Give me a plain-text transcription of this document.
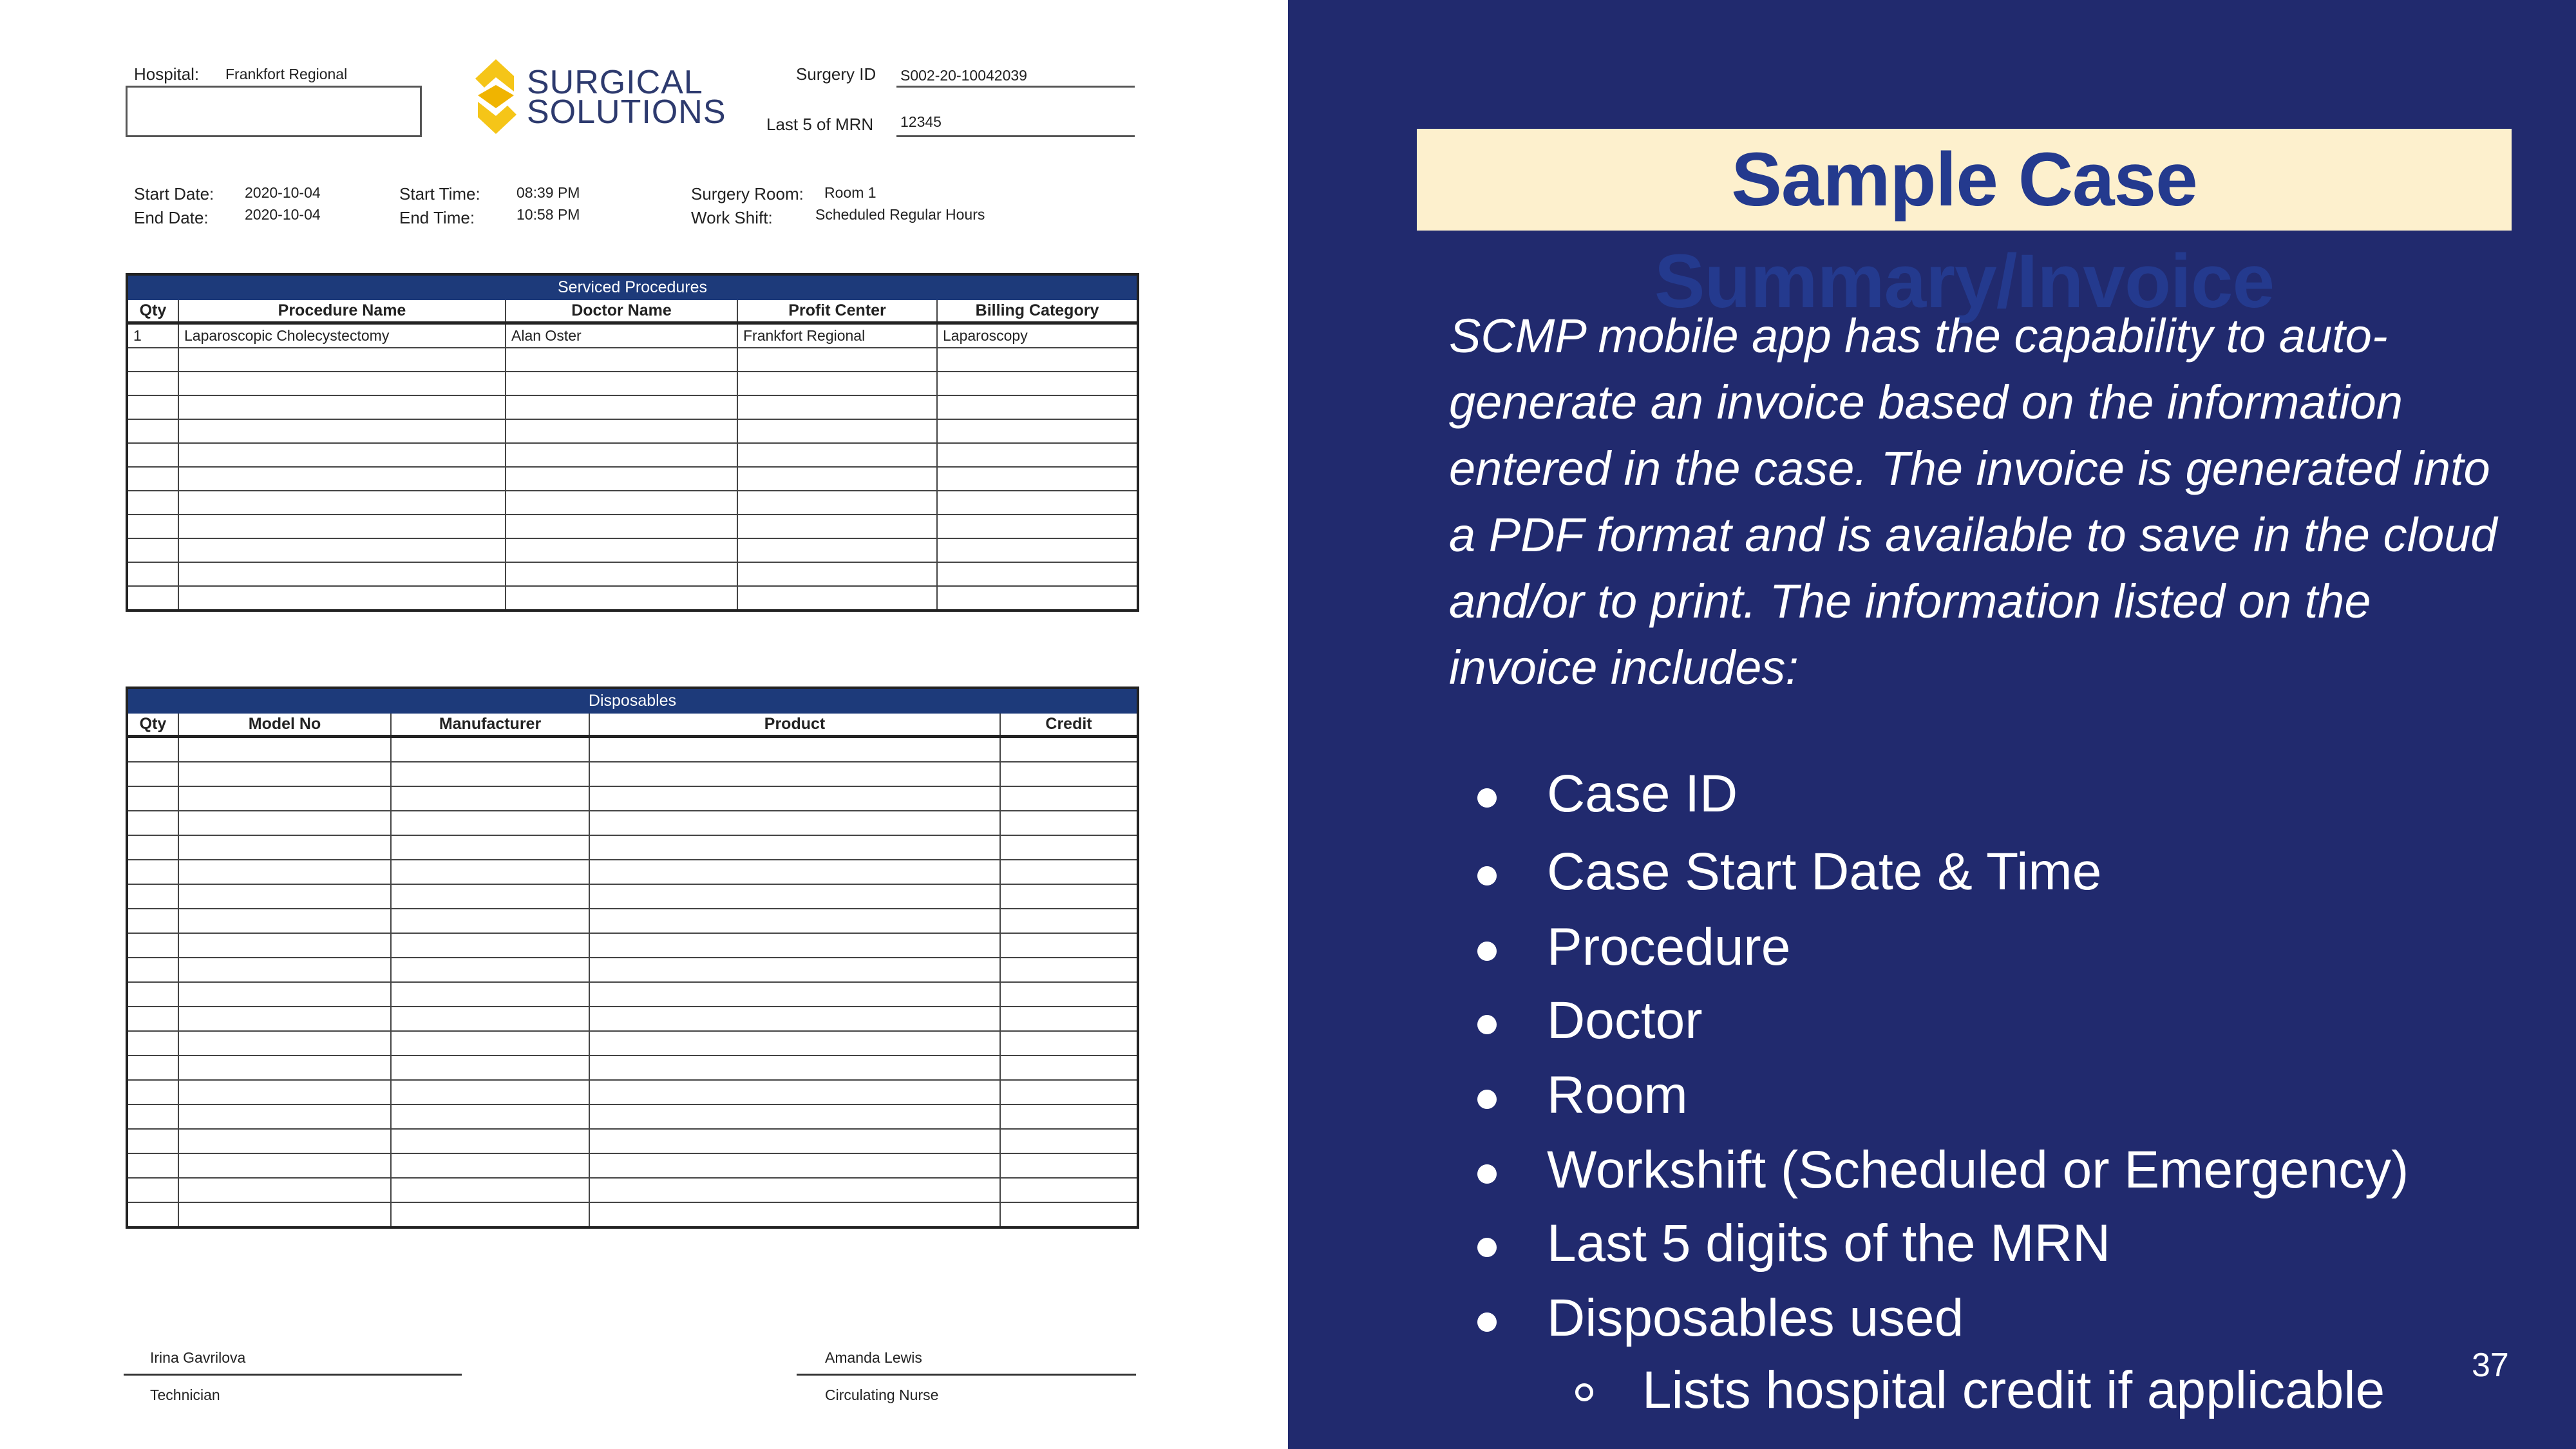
Hospital: Frankfort Regional	SURGICAL
SOLUTIONS
Surgery ID S002-20-10042039
Last 5 of MRN 12345
Start Date: 2020-10-04
End Date: 2020-10-04
Start Time: 08:39 PM
End Time:	10:58 PM
Surgery Room: Room 1
Work Shift:	Scheduled Regular Hours
Serviced Procedures				
Qty	Procedure Name	Doctor Name	Profit Center	Billing Category
1	Laparoscopic Cholecystectomy	Alan Oster	Frankfort Regional	Laparoscopy

Disposables				
Qty	Model No	Manufacturer	Product	Credit

Irina Gavrilova
Technician
Amanda Lewis
Circulating Nurse
Sample Case Summary/Invoice
SCMP mobile app has the capability to auto-generate an invoice based on the information entered in the case. The invoice is generated into a PDF format and is available to save in the cloud and/or to print. The information listed on the invoice includes:
Case ID
Case Start Date & Time
Procedure
Doctor
Room
Workshift (Scheduled or Emergency)
Last 5 digits of the MRN
Disposables used
Lists hospital credit if applicable	37
